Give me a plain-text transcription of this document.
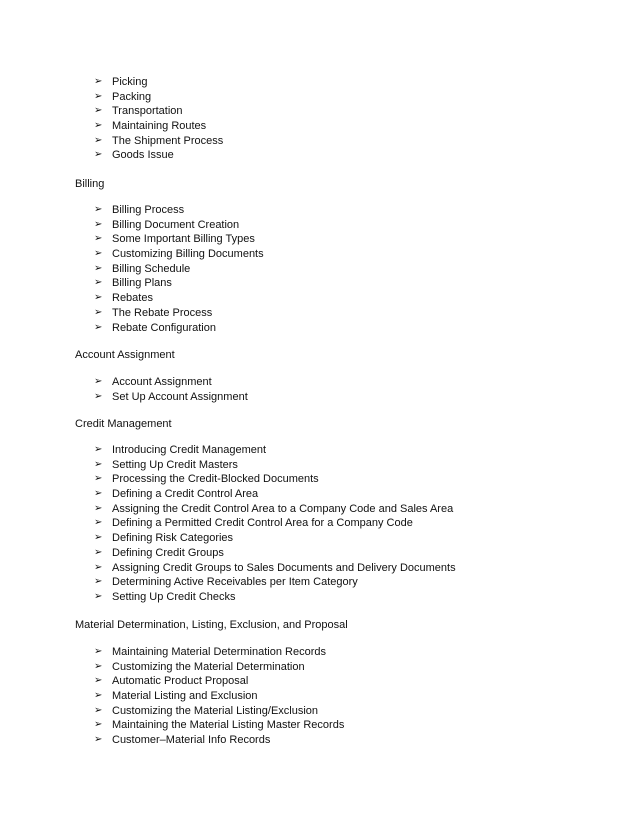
➢ Picking
➢ Packing
➢ Transportation
➢ Maintaining Routes
➢ The Shipment Process
➢ Goods Issue
Billing
➢ Billing Process
➢ Billing Document Creation
➢ Some Important Billing Types
➢ Customizing Billing Documents
➢ Billing Schedule
➢ Billing Plans
➢ Rebates
➢ The Rebate Process
➢ Rebate Configuration
Account Assignment
➢ Account Assignment
➢ Set Up Account Assignment
Credit Management
➢ Introducing Credit Management
➢ Setting Up Credit Masters
➢ Processing the Credit-Blocked Documents
➢ Defining a Credit Control Area
➢ Assigning the Credit Control Area to a Company Code and Sales Area
➢ Defining a Permitted Credit Control Area for a Company Code
➢ Defining Risk Categories
➢ Defining Credit Groups
➢ Assigning Credit Groups to Sales Documents and Delivery Documents
➢ Determining Active Receivables per Item Category
➢ Setting Up Credit Checks
Material Determination, Listing, Exclusion, and Proposal
➢ Maintaining Material Determination Records
➢ Customizing the Material Determination
➢ Automatic Product Proposal
➢ Material Listing and Exclusion
➢ Customizing the Material Listing/Exclusion
➢ Maintaining the Material Listing Master Records
➢ Customer–Material Info Records
